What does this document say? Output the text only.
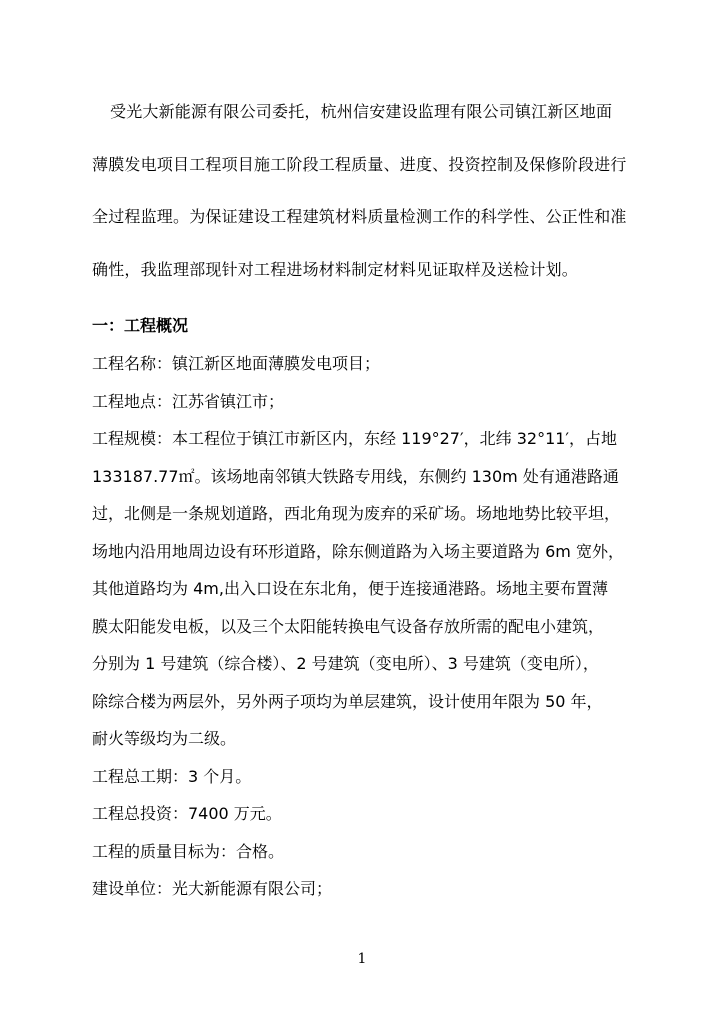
受光大新能源有限公司委托，杭州信安建设监理有限公司镇江新区地面
薄膜发电项目工程项目施工阶段工程质量、进度、投资控制及保修阶段进行
全过程监理。为保证建设工程建筑材料质量检测工作的科学性、公正性和准
确性，我监理部现针对工程进场材料制定材料见证取样及送检计划。
一：工程概况
工程名称：镇江新区地面薄膜发电项目；
工程地点：江苏省镇江市；
工程规模：本工程位于镇江市新区内，东经 119°27′，北纬 32°11′，占地
133187.77㎡。该场地南邻镇大铁路专用线，东侧约 130m 处有通港路通
过，北侧是一条规划道路，西北角现为废弃的采矿场。场地地势比较平坦，
场地内沿用地周边设有环形道路，除东侧道路为入场主要道路为 6m 宽外，
其他道路均为 4m,出入口设在东北角，便于连接通港路。场地主要布置薄
膜太阳能发电板，以及三个太阳能转换电气设备存放所需的配电小建筑，
分别为 1 号建筑（综合楼）、2 号建筑（变电所）、3 号建筑（变电所），
除综合楼为两层外，另外两子项均为单层建筑，设计使用年限为 50 年，
耐火等级均为二级。
工程总工期：3 个月。
工程总投资：7400 万元。
工程的质量目标为：合格。
建设单位：光大新能源有限公司；
1
